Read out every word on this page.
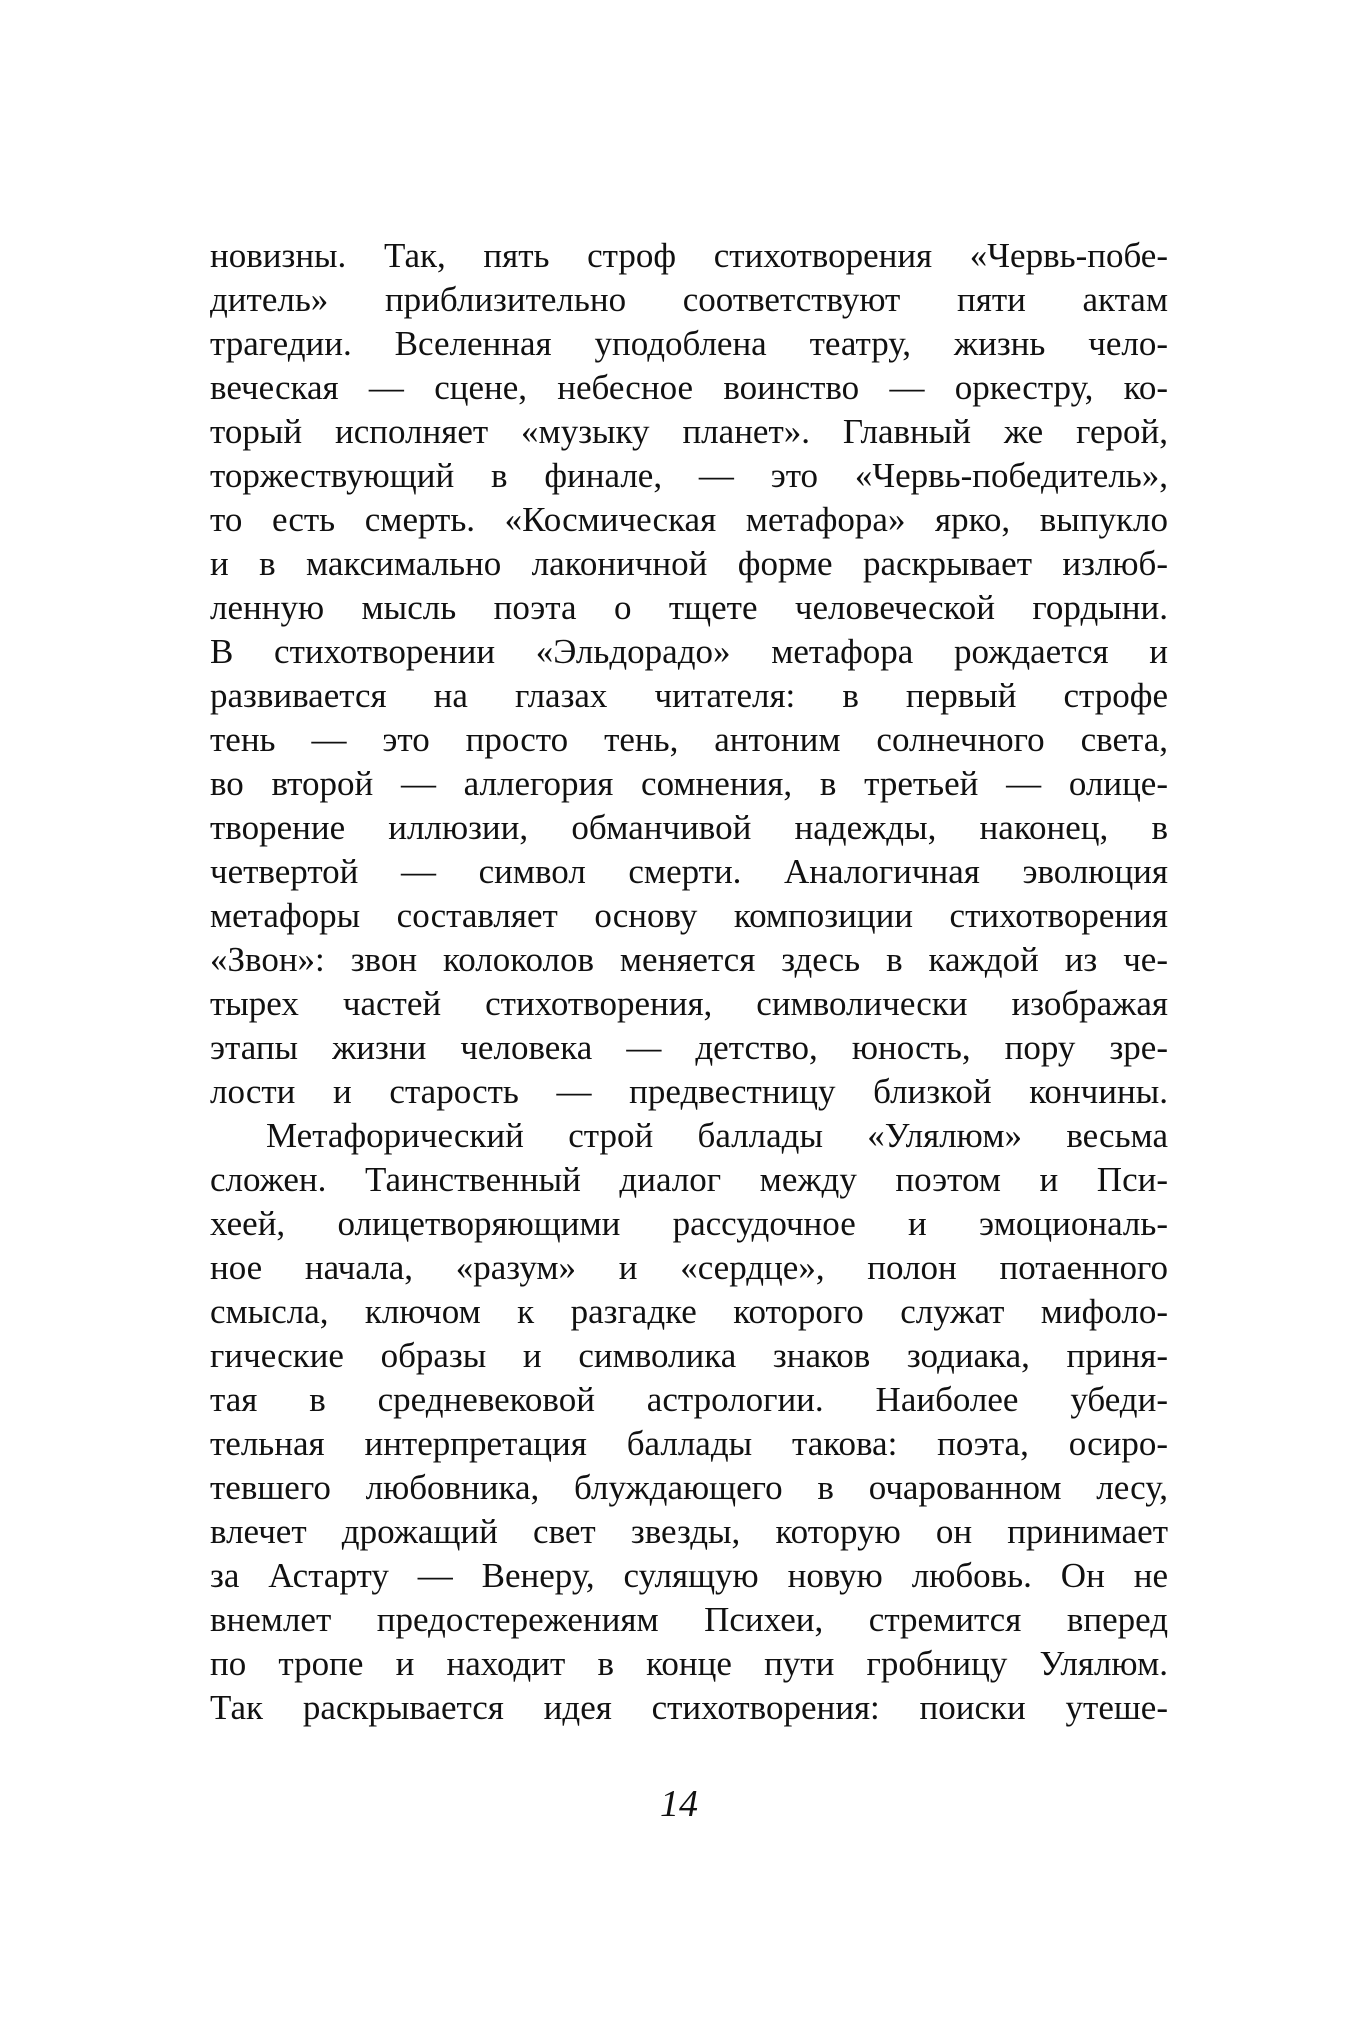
новизны. Так, пять строф стихотворения «Червь-побе-
дитель» приблизительно соответствуют пяти актам
трагедии. Вселенная уподоблена театру, жизнь чело-
веческая — сцене, небесное воинство — оркестру, ко-
торый исполняет «музыку планет». Главный же герой,
торжествующий в финале, — это «Червь-победитель»,
то есть смерть. «Космическая метафора» ярко, выпукло
и в максимально лаконичной форме раскрывает излюб-
ленную мысль поэта о тщете человеческой гордыни.
В стихотворении «Эльдорадо» метафора рождается и
развивается на глазах читателя: в первый строфе
тень — это просто тень, антоним солнечного света,
во второй — аллегория сомнения, в третьей — олице-
творение иллюзии, обманчивой надежды, наконец, в
четвертой — символ смерти. Аналогичная эволюция
метафоры составляет основу композиции стихотворения
«Звон»: звон колоколов меняется здесь в каждой из че-
тырех частей стихотворения, символически изображая
этапы жизни человека — детство, юность, пору зре-
лости и старость — предвестницу близкой кончины.
Метафорический строй баллады «Улялюм» весьма
сложен. Таинственный диалог между поэтом и Пси-
хеей, олицетворяющими рассудочное и эмоциональ-
ное начала, «разум» и «сердце», полон потаенного
смысла, ключом к разгадке которого служат мифоло-
гические образы и символика знаков зодиака, приня-
тая в средневековой астрологии. Наиболее убеди-
тельная интерпретация баллады такова: поэта, осиро-
тевшего любовника, блуждающего в очарованном лесу,
влечет дрожащий свет звезды, которую он принимает
за Астарту — Венеру, сулящую новую любовь. Он не
внемлет предостережениям Психеи, стремится вперед
по тропе и находит в конце пути гробницу Улялюм.
Так раскрывается идея стихотворения: поиски утеше-
14
